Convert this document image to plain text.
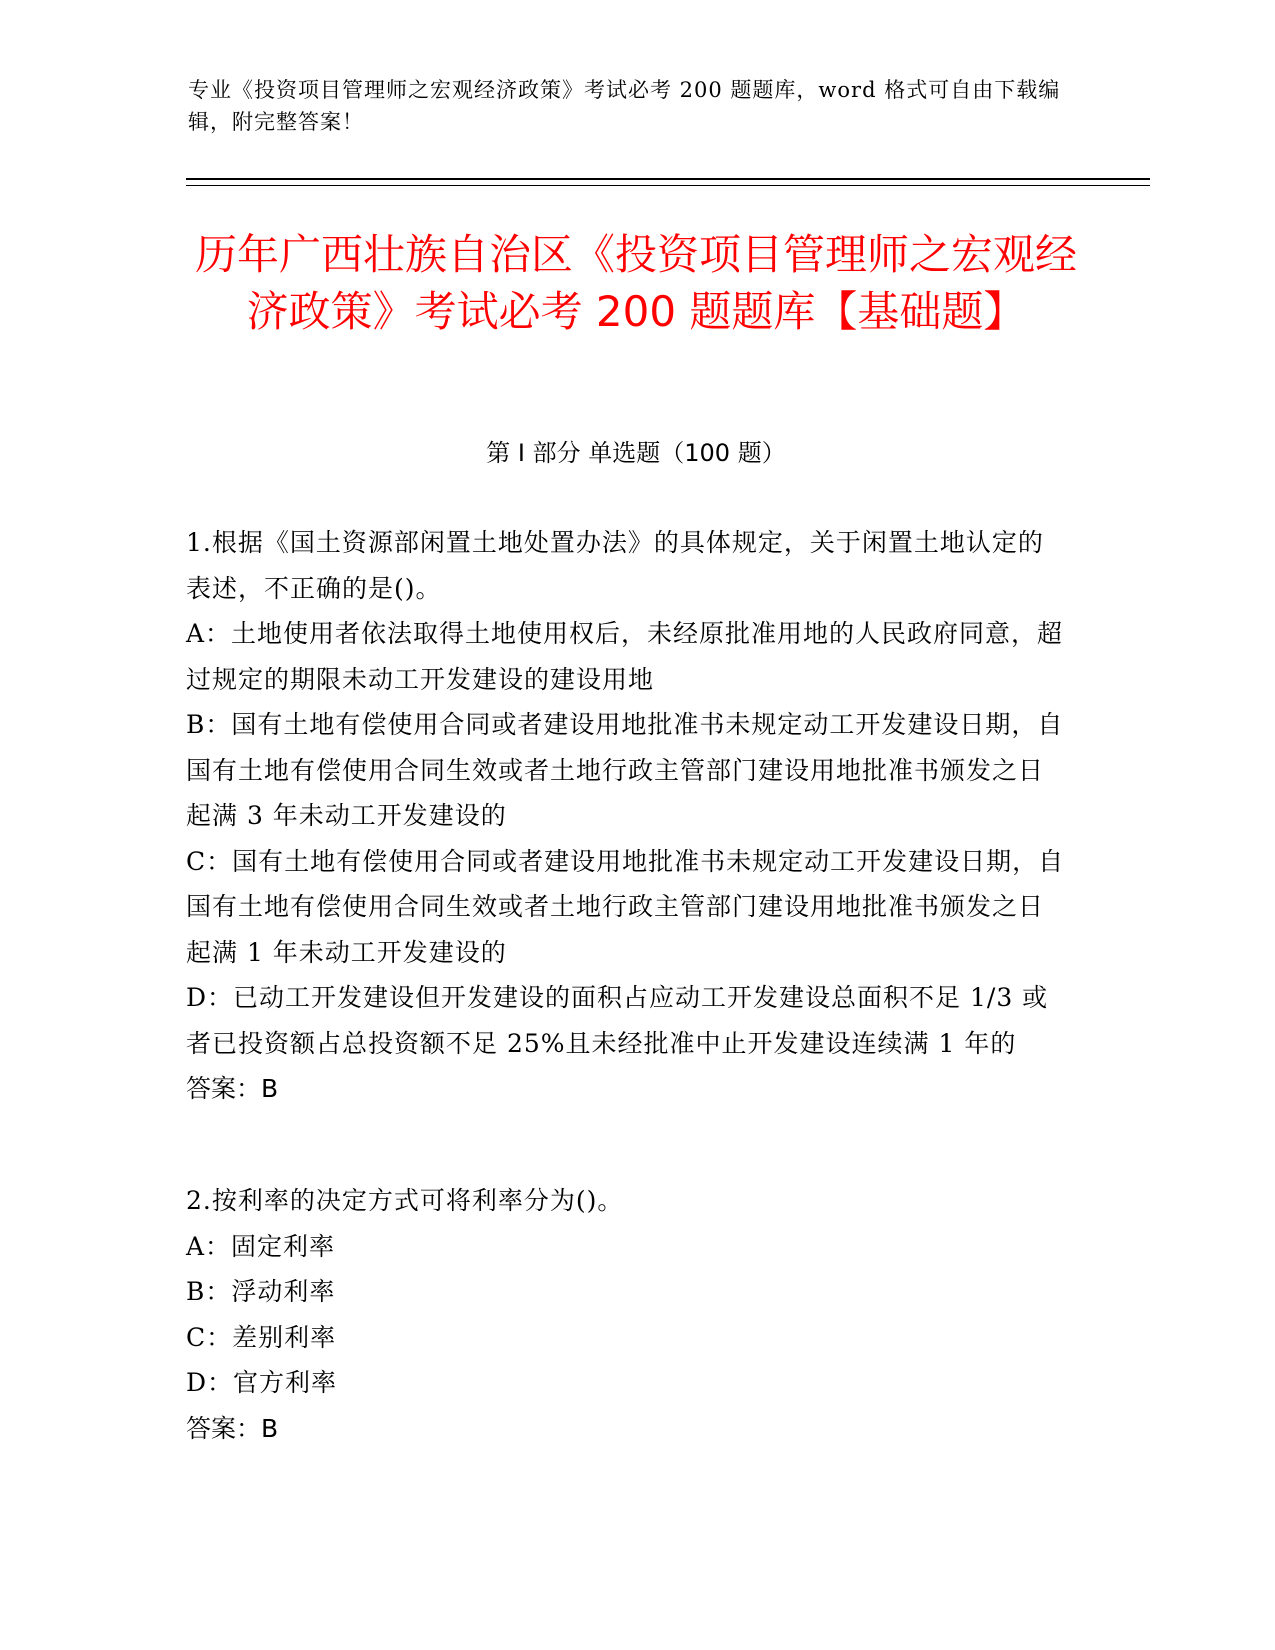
专业《投资项目管理师之宏观经济政策》考试必考 200 题题库，word 格式可自由下载编辑，附完整答案！
历年广西壮族自治区《投资项目管理师之宏观经济政策》考试必考 200 题题库【基础题】
第 I 部分 单选题（100 题）

1.根据《国土资源部闲置土地处置办法》的具体规定，关于闲置土地认定的表述，不正确的是()。

A：土地使用者依法取得土地使用权后，未经原批准用地的人民政府同意，超过规定的期限未动工开发建设的建设用地

B：国有土地有偿使用合同或者建设用地批准书未规定动工开发建设日期，自国有土地有偿使用合同生效或者土地行政主管部门建设用地批准书颁发之日起满 3 年未动工开发建设的

C：国有土地有偿使用合同或者建设用地批准书未规定动工开发建设日期，自国有土地有偿使用合同生效或者土地行政主管部门建设用地批准书颁发之日起满 1 年未动工开发建设的

D：已动工开发建设但开发建设的面积占应动工开发建设总面积不足 1/3 或者已投资额占总投资额不足 25%且未经批准中止开发建设连续满 1 年的

答案：B

2.按利率的决定方式可将利率分为()。

A：固定利率

B：浮动利率

C：差别利率

D：官方利率

答案：B
